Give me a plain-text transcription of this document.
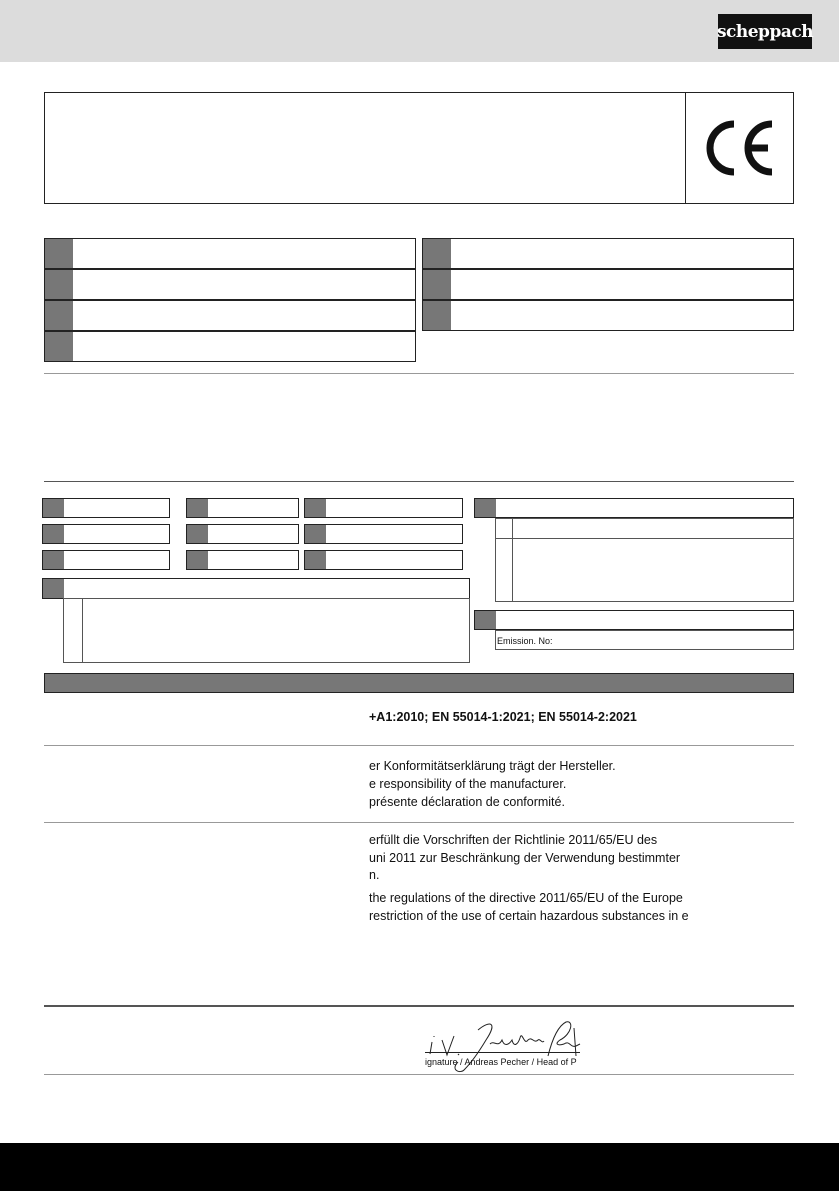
scheppach
Emission. No:
+A1:2010; EN 55014-1:2021; EN 55014-2:2021
er Konformitätserklärung trägt der Hersteller.
e responsibility of the manufacturer.
présente déclaration de conformité.
erfüllt die Vorschriften der Richtlinie 2011/65/EU des
uni 2011 zur Beschränkung der Verwendung bestimmter
n.
the regulations of the directive 2011/65/EU of the Europe
restriction of the use of certain hazardous substances in e
ignature / Andreas Pecher / Head of P
